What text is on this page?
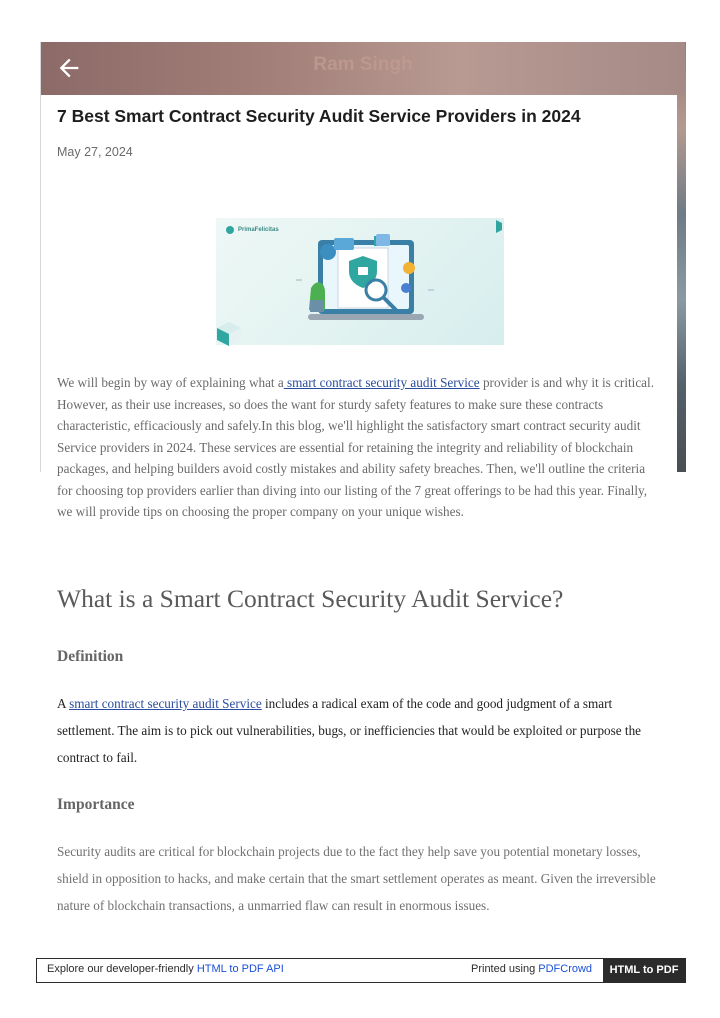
Ram Singh
7 Best Smart Contract Security Audit Service Providers in 2024
May 27, 2024
PrimaFelicitas

We will begin by way of explaining what a smart contract security audit Service provider is and why it is critical. However, as their use increases, so does the want for sturdy safety features to make sure these contracts characteristic, efficaciously and safely.In this blog, we'll highlight the satisfactory smart contract security audit Service providers in 2024. These services are essential for retaining the integrity and reliability of blockchain packages, and helping builders avoid costly mistakes and ability safety breaches. Then, we'll outline the criteria for choosing top providers earlier than diving into our listing of the 7 great offerings to be had this year. Finally, we will provide tips on choosing the proper company on your unique wishes.

What is a Smart Contract Security Audit Service?
Definition

A smart contract security audit Service includes a radical exam of the code and good judgment of a smart settlement. The aim is to pick out vulnerabilities, bugs, or inefficiencies that would be exploited or purpose the contract to fail.

Importance

Security audits are critical for blockchain projects due to the fact they help save you potential monetary losses, shield in opposition to hacks, and make certain that the smart settlement operates as meant. Given the irreversible nature of blockchain transactions, a unmarried flaw can result in enormous issues.

Explore our developer-friendly HTML to PDF API	Printed using PDFCrowd	HTML to PDF
